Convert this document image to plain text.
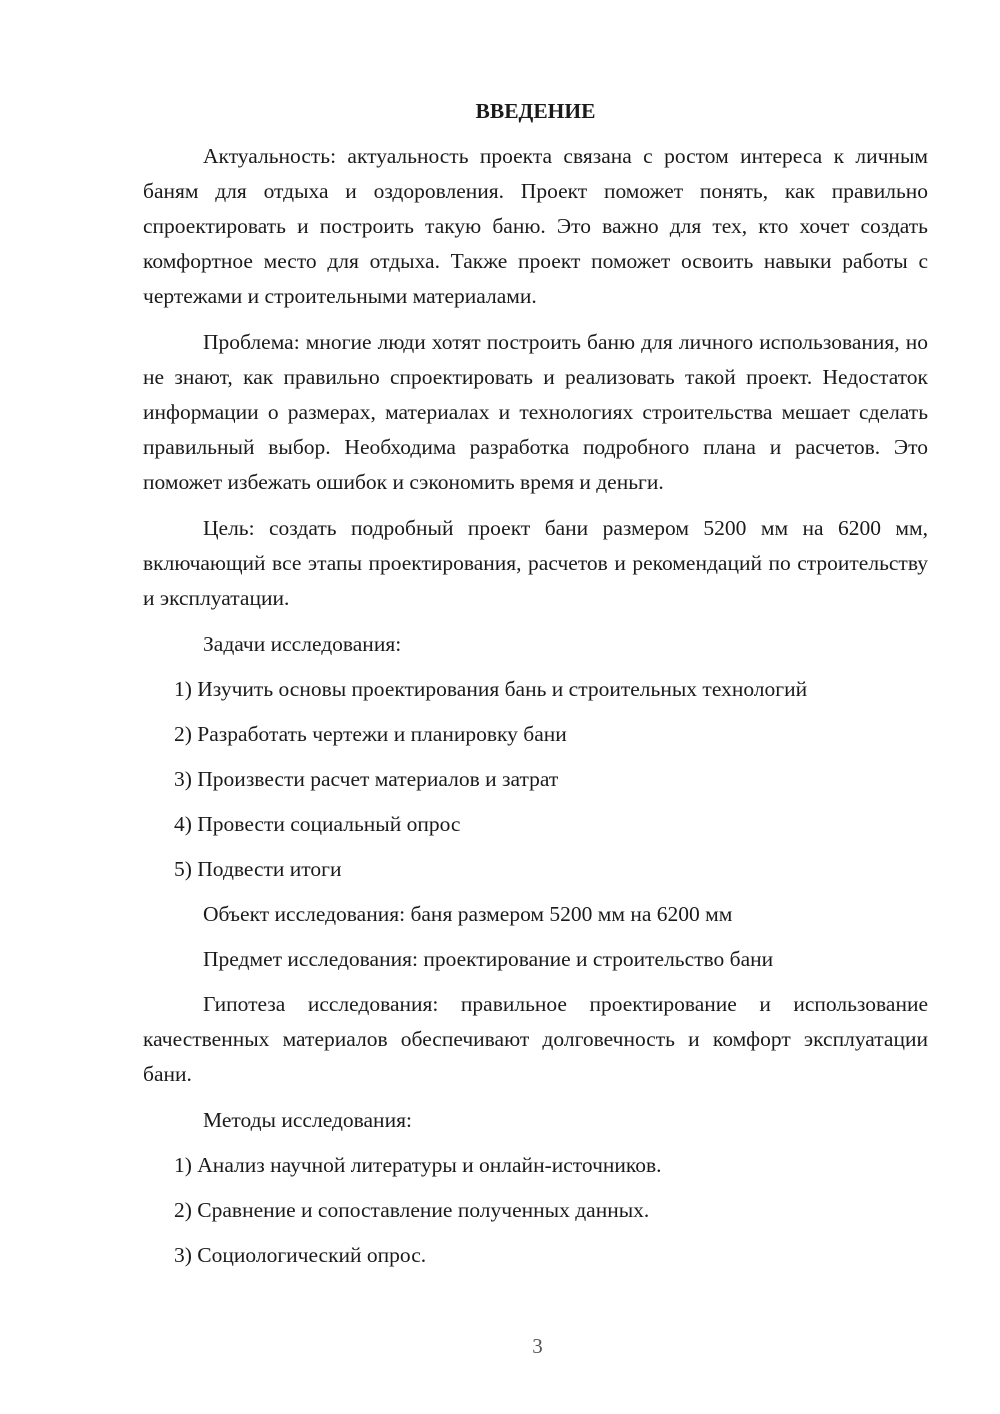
ВВЕДЕНИЕ

Актуальность: актуальность проекта связана с ростом интереса к личным баням для отдыха и оздоровления. Проект поможет понять, как правильно спроектировать и построить такую баню. Это важно для тех, кто хочет создать комфортное место для отдыха. Также проект поможет освоить навыки работы с чертежами и строительными материалами.

Проблема: многие люди хотят построить баню для личного использования, но не знают, как правильно спроектировать и реализовать такой проект. Недостаток информации о размерах, материалах и технологиях строительства мешает сделать правильный выбор. Необходима разработка подробного плана и расчетов. Это поможет избежать ошибок и сэкономить время и деньги.

Цель: создать подробный проект бани размером 5200 мм на 6200 мм, включающий все этапы проектирования, расчетов и рекомендаций по строительству и эксплуатации.

Задачи исследования:

1) Изучить основы проектирования бань и строительных технологий
2) Разработать чертежи и планировку бани
3) Произвести расчет материалов и затрат
4) Провести социальный опрос
5) Подвести итоги

Объект исследования: баня размером 5200 мм на 6200 мм

Предмет исследования: проектирование и строительство бани

Гипотеза исследования: правильное проектирование и использование качественных материалов обеспечивают долговечность и комфорт эксплуатации бани.

Методы исследования:

1) Анализ научной литературы и онлайн-источников.
2) Сравнение и сопоставление полученных данных.
3) Социологический опрос.
3
